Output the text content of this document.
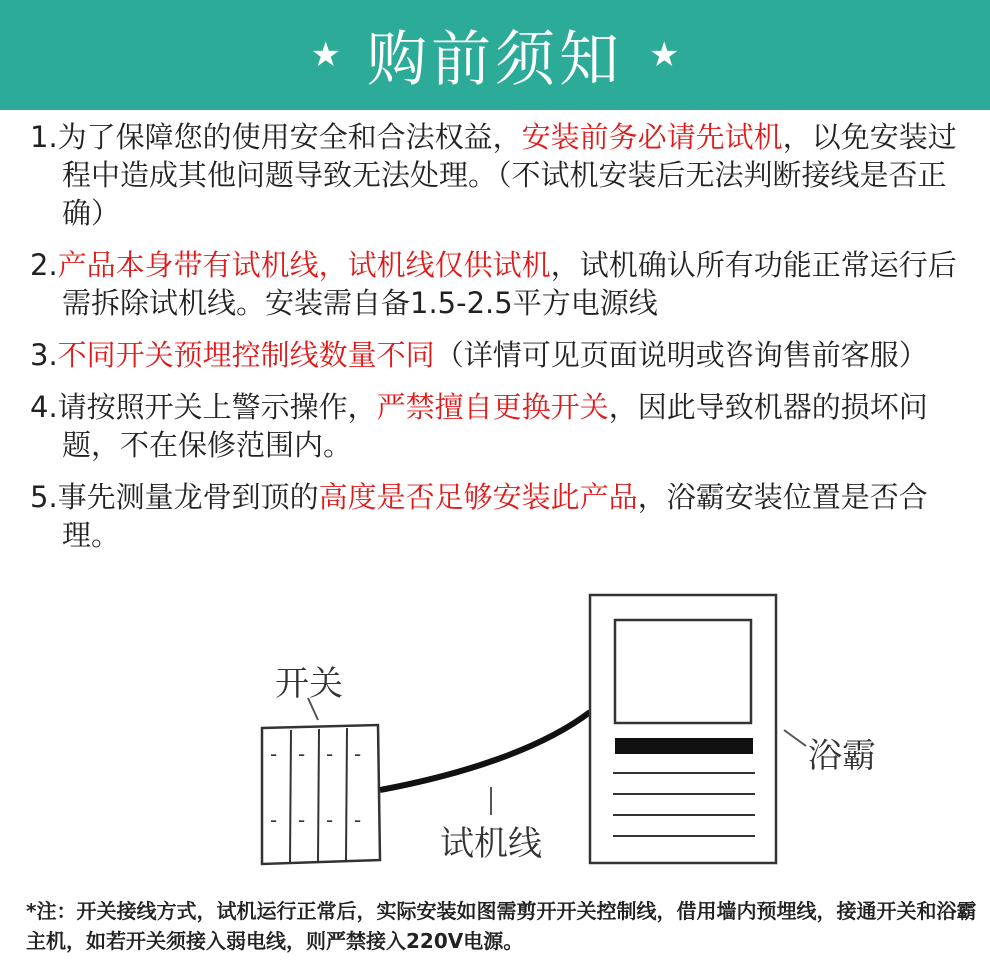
★ 购前须知 ★
1.为了保障您的使用安全和合法权益，安装前务必请先试机，以免安装过程中造成其他问题导致无法处理。（不试机安装后无法判断接线是否正确）
2.产品本身带有试机线，试机线仅供试机，试机确认所有功能正常运行后需拆除试机线。安装需自备1.5-2.5平方电源线
3.不同开关预埋控制线数量不同（详情可见页面说明或咨询售前客服）
4.请按照开关上警示操作，严禁擅自更换开关，因此导致机器的损坏问题，不在保修范围内。
5.事先测量龙骨到顶的高度是否足够安装此产品，浴霸安装位置是否合理。
开关
浴霸
试机线
- - - -
- - - -
*注：开关接线方式，试机运行正常后，实际安装如图需剪开开关控制线，借用墙内预埋线，接通开关和浴霸主机，如若开关须接入弱电线，则严禁接入220V电源。
